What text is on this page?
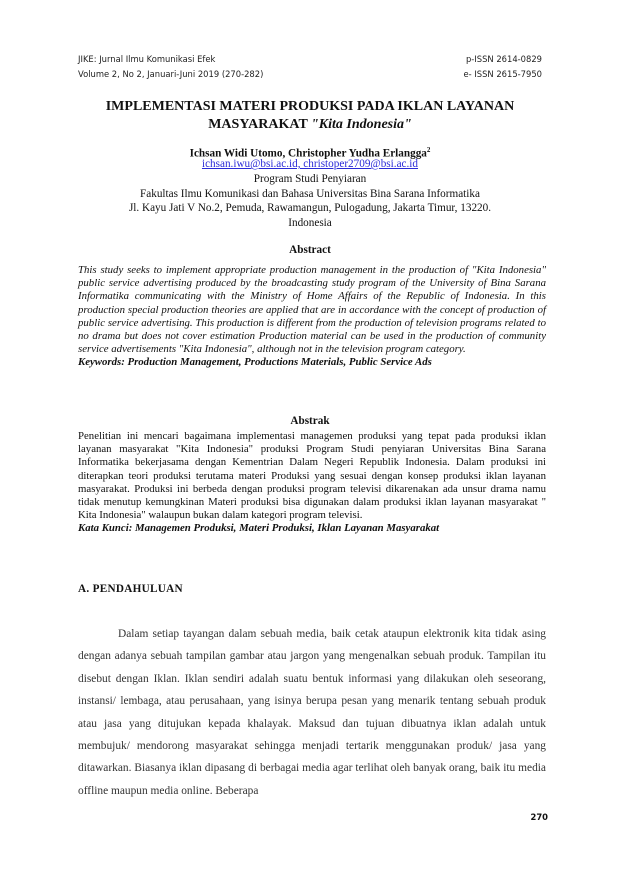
JIKE: Jurnal Ilmu Komunikasi Efek	p-ISSN 2614-0829
Volume 2, No 2, Januari-Juni 2019 (270-282)	e- ISSN 2615-7950
IMPLEMENTASI MATERI PRODUKSI PADA IKLAN LAYANAN
MASYARAKAT "Kita Indonesia"
Ichsan Widi Utomo, Christopher Yudha Erlangga$^2$
ichsan.iwu@bsi.ac.id, christoper2709@bsi.ac.id
Program Studi Penyiaran
Fakultas Ilmu Komunikasi dan Bahasa Universitas Bina Sarana Informatika
Jl. Kayu Jati V No.2, Pemuda, Rawamangun, Pulogadung, Jakarta Timur, 13220.
Indonesia
Abstract
This study seeks to implement appropriate production management in the production of "Kita Indonesia" public service advertising produced by the broadcasting study program of the University of Bina Sarana Informatika communicating with the Ministry of Home Affairs of the Republic of Indonesia. In this production special production theories are applied that are in accordance with the concept of production of public service advertising. This production is different from the production of television programs related to no drama but does not cover estimation Production material can be used in the production of community service advertisements "Kita Indonesia", although not in the television program category.
Keywords: Production Management, Productions Materials, Public Service Ads
Abstrak
Penelitian ini mencari bagaimana implementasi managemen produksi yang tepat pada produksi iklan layanan masyarakat "Kita Indonesia" produksi Program Studi penyiaran Universitas Bina Sarana Informatika bekerjasama dengan Kementrian Dalam Negeri Republik Indonesia. Dalam produksi ini diterapkan teori produksi terutama materi Produksi yang sesuai dengan konsep produksi iklan layanan masyarakat. Produksi ini berbeda dengan produksi program televisi dikarenakan ada unsur drama namu tidak menutup kemungkinan Materi produksi bisa digunakan dalam produksi iklan layanan masyarakat " Kita Indonesia" walaupun bukan dalam kategori program televisi.
Kata Kunci: Managemen Produksi, Materi Produksi, Iklan Layanan Masyarakat
A. PENDAHULUAN
Dalam setiap tayangan dalam sebuah media, baik cetak ataupun elektronik kita tidak asing dengan adanya sebuah tampilan gambar atau jargon yang mengenalkan sebuah produk. Tampilan itu disebut dengan Iklan. Iklan sendiri adalah suatu bentuk informasi yang dilakukan oleh seseorang, instansi/ lembaga, atau perusahaan, yang isinya berupa pesan yang menarik tentang sebuah produk atau jasa yang ditujukan kepada khalayak. Maksud dan tujuan dibuatnya iklan adalah untuk membujuk/ mendorong masyarakat sehingga menjadi tertarik menggunakan produk/ jasa yang ditawarkan. Biasanya iklan dipasang di berbagai media agar terlihat oleh banyak orang, baik itu media offline maupun media online. Beberapa
270
